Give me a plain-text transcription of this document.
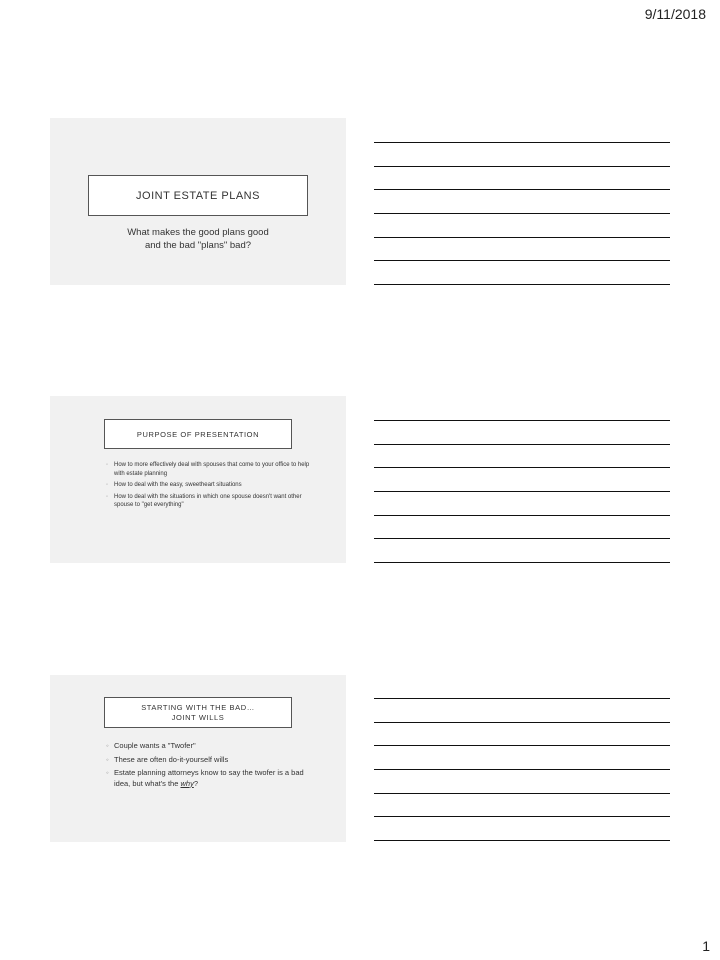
9/11/2018
JOINT ESTATE PLANS
What makes the good plans good
and the bad "plans" bad?
PURPOSE OF PRESENTATION
◦ How to more effectively deal with spouses that come to your office to help with estate planning
◦ How to deal with the easy, sweetheart situations
◦ How to deal with the situations in which one spouse doesn't want other spouse to "get everything"
STARTING WITH THE BAD…
JOINT WILLS
◦ Couple wants a "Twofer"
◦ These are often do-it-yourself wills
◦ Estate planning attorneys know to say the twofer is a bad idea, but what's the why?
1
